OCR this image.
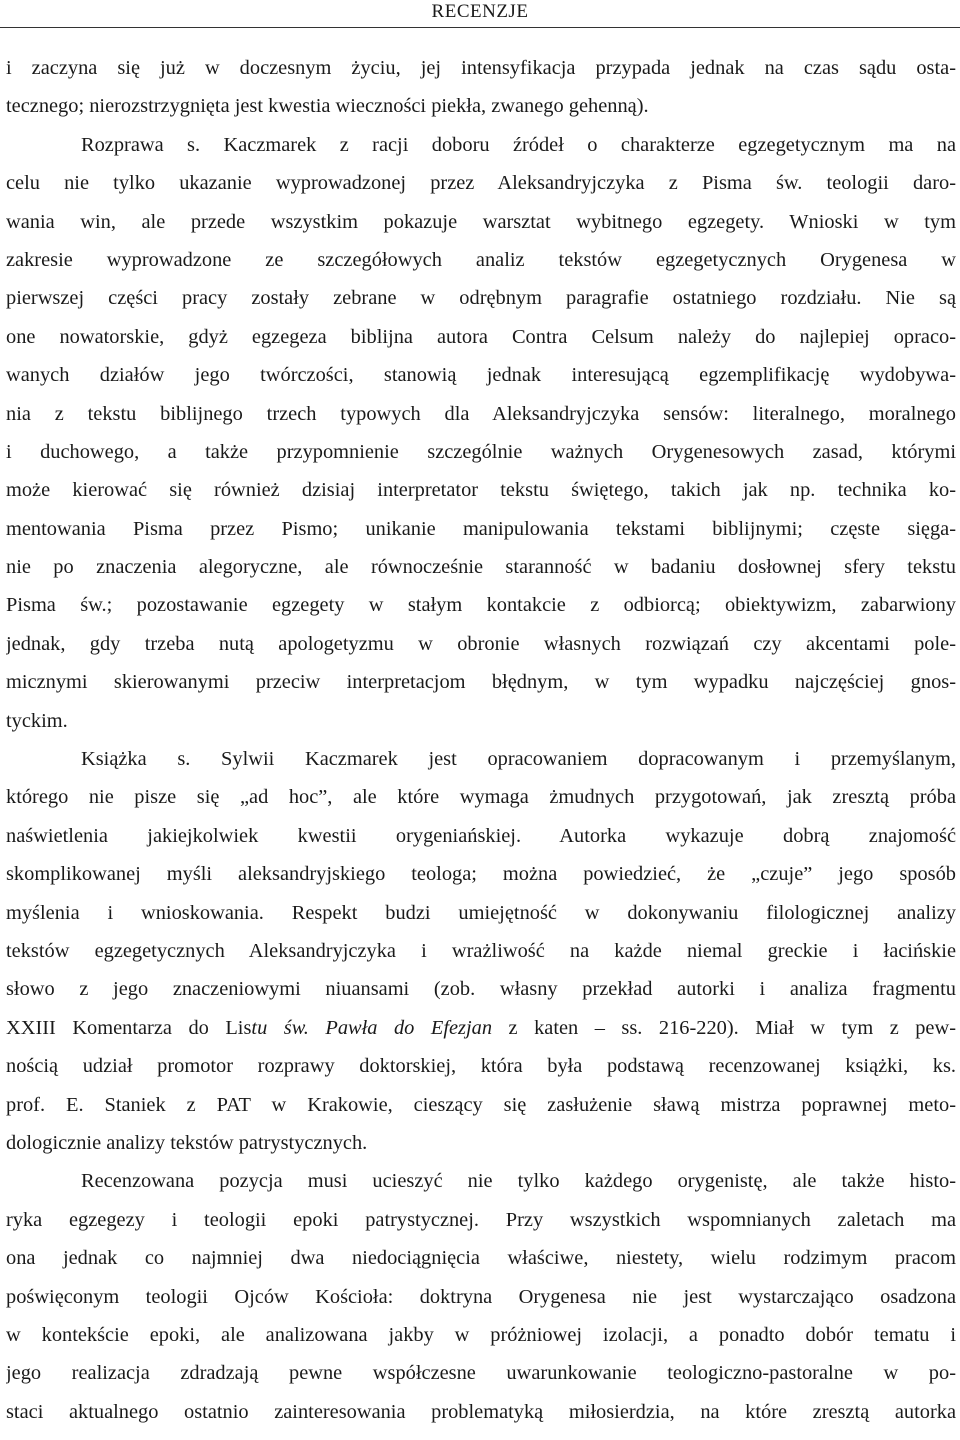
RECENZJE
i zaczyna się już w doczesnym życiu, jej intensyfikacja przypada jednak na czas sądu osta-
tecznego; nierozstrzygnięta jest kwestia wieczności piekła, zwanego gehenną).
Rozprawa s. Kaczmarek z racji doboru źródeł o charakterze egzegetycznym ma na
celu nie tylko ukazanie wyprowadzonej przez Aleksandryjczyka z Pisma św. teologii daro-
wania win, ale przede wszystkim pokazuje warsztat wybitnego egzegety. Wnioski w tym
zakresie wyprowadzone ze szczegółowych analiz tekstów egzegetycznych Orygenesa w
pierwszej części pracy zostały zebrane w odrębnym paragrafie ostatniego rozdziału. Nie są
one nowatorskie, gdyż egzegeza biblijna autora Contra Celsum należy do najlepiej opraco-
wanych działów jego twórczości, stanowią jednak interesującą egzemplifikację wydobywa-
nia z tekstu biblijnego trzech typowych dla Aleksandryjczyka sensów: literalnego, moralnego
i duchowego, a także przypomnienie szczególnie ważnych Orygenesowych zasad, którymi
może kierować się również dzisiaj interpretator tekstu świętego, takich jak np. technika ko-
mentowania Pisma przez Pismo; unikanie manipulowania tekstami biblijnymi; częste sięga-
nie po znaczenia alegoryczne, ale równocześnie staranność w badaniu dosłownej sfery tekstu
Pisma św.; pozostawanie egzegety w stałym kontakcie z odbiorcą; obiektywizm, zabarwiony
jednak, gdy trzeba nutą apologetyzmu w obronie własnych rozwiązań czy akcentami pole-
micznymi skierowanymi przeciw interpretacjom błędnym, w tym wypadku najczęściej gnos-
tyckim.
Książka s. Sylwii Kaczmarek jest opracowaniem dopracowanym i przemyślanym,
którego nie pisze się „ad hoc”, ale które wymaga żmudnych przygotowań, jak zresztą próba
naświetlenia jakiejkolwiek kwestii orygeniańskiej. Autorka wykazuje dobrą znajomość
skomplikowanej myśli aleksandryjskiego teologa; można powiedzieć, że „czuje” jego sposób
myślenia i wnioskowania. Respekt budzi umiejętność w dokonywaniu filologicznej analizy
tekstów egzegetycznych Aleksandryjczyka i wrażliwość na każde niemal greckie i łacińskie
słowo z jego znaczeniowymi niuansami (zob. własny przekład autorki i analiza fragmentu
XXIII Komentarza do Listu św. Pawła do Efezjan z katen – ss. 216-220). Miał w tym z pew-
nością udział promotor rozprawy doktorskiej, która była podstawą recenzowanej książki, ks.
prof. E. Staniek z PAT w Krakowie, cieszący się zasłużenie sławą mistrza poprawnej meto-
dologicznie analizy tekstów patrystycznych.
Recenzowana pozycja musi ucieszyć nie tylko każdego orygenistę, ale także histo-
ryka egzegezy i teologii epoki patrystycznej. Przy wszystkich wspomnianych zaletach ma
ona jednak co najmniej dwa niedociągnięcia właściwe, niestety, wielu rodzimym pracom
poświęconym teologii Ojców Kościoła: doktryna Orygenesa nie jest wystarczająco osadzona
w kontekście epoki, ale analizowana jakby w próżniowej izolacji, a ponadto dobór tematu i
jego realizacja zdradzają pewne współczesne uwarunkowanie teologiczno-pastoralne w po-
staci aktualnego ostatnio zainteresowania problematyką miłosierdzia, na które zresztą autorka
